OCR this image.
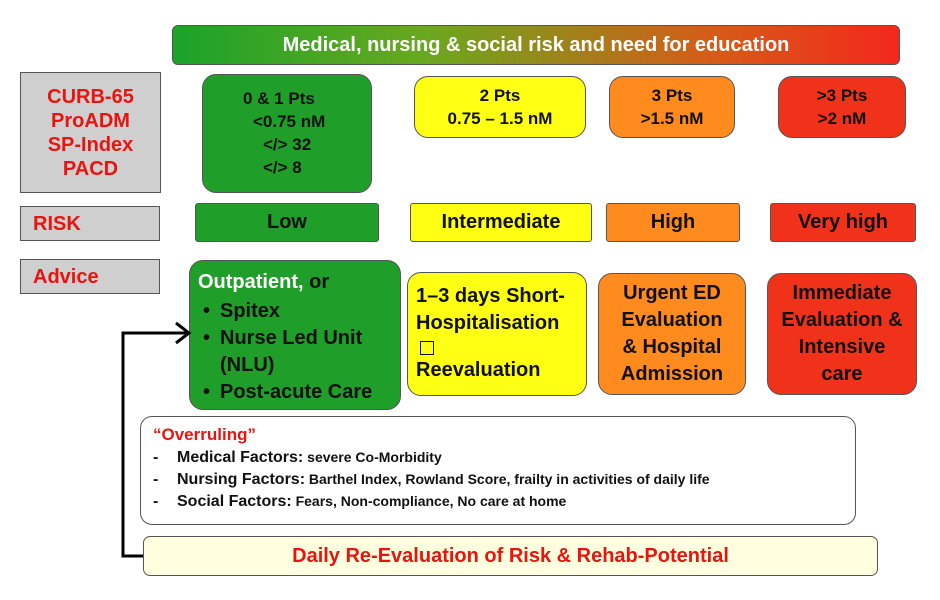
Medical, nursing & social risk and need for education
CURB-65
ProADM
SP-Index
PACD
RISK
Advice
0 & 1 Pts
<0.75 nM
</> 32
</> 8
2 Pts
0.75 – 1.5 nM
3 Pts
>1.5 nM
>3 Pts
>2 nM
Low	Intermediate	High	Very high
Outpatient, or
• Spitex
• Nurse Led Unit (NLU)
• Post-acute Care
1–3 days Short-
Hospitalisation
Reevaluation
Urgent ED
Evaluation
& Hospital
Admission
Immediate
Evaluation &
Intensive
care
“Overruling”
- Medical Factors: severe Co-Morbidity
- Nursing Factors: Barthel Index, Rowland Score, frailty in activities of daily life
- Social Factors: Fears, Non-compliance, No care at home
Daily Re-Evaluation of Risk & Rehab-Potential
